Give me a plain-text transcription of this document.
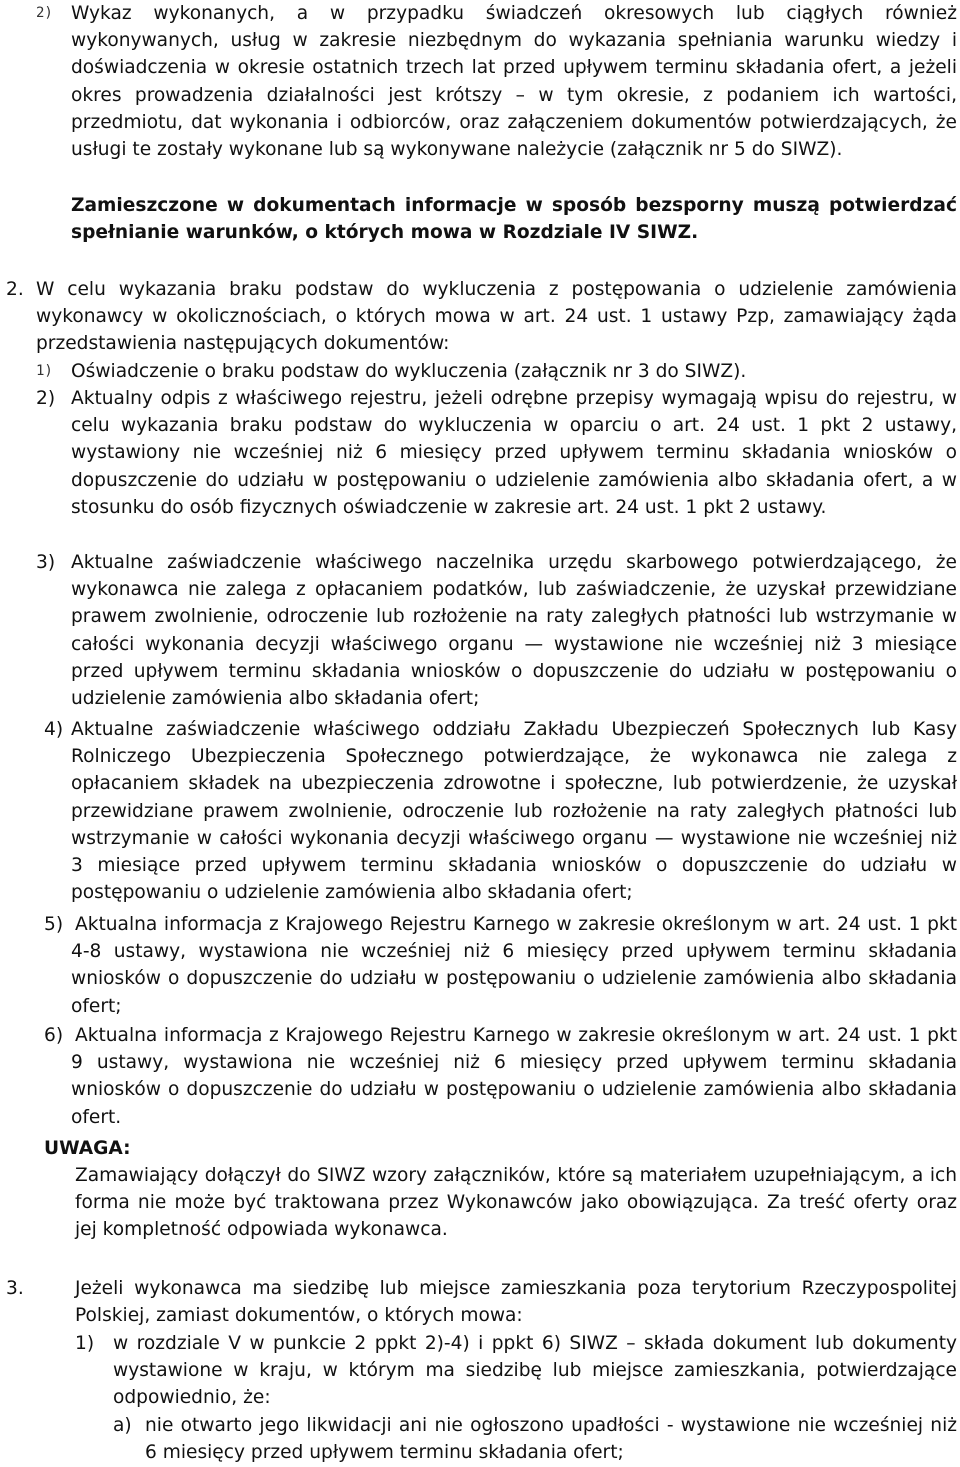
2) Wykaz wykonanych, a w przypadku świadczeń okresowych lub ciągłych również wykonywanych, usług w zakresie niezbędnym do wykazania spełniania warunku wiedzy i doświadczenia w okresie ostatnich trzech lat przed upływem terminu składania ofert, a jeżeli okres prowadzenia działalności jest krótszy – w tym okresie, z podaniem ich wartości, przedmiotu, dat wykonania i odbiorców, oraz załączeniem dokumentów potwierdzających, że usługi te zostały wykonane lub są wykonywane należycie (załącznik nr 5 do SIWZ).
Zamieszczone w dokumentach informacje w sposób bezsporny muszą potwierdzać spełnianie warunków, o których mowa w Rozdziale IV SIWZ.
2. W celu wykazania braku podstaw do wykluczenia z postępowania o udzielenie zamówienia wykonawcy w okolicznościach, o których mowa w art. 24 ust. 1 ustawy Pzp, zamawiający żąda przedstawienia następujących dokumentów:
1) Oświadczenie o braku podstaw do wykluczenia (załącznik nr 3 do SIWZ).
2) Aktualny odpis z właściwego rejestru, jeżeli odrębne przepisy wymagają wpisu do rejestru, w celu wykazania braku podstaw do wykluczenia w oparciu o art. 24 ust. 1 pkt 2 ustawy, wystawiony nie wcześniej niż 6 miesięcy przed upływem terminu składania wniosków o dopuszczenie do udziału w postępowaniu o udzielenie zamówienia albo składania ofert, a w stosunku do osób fizycznych oświadczenie w zakresie art. 24 ust. 1 pkt 2 ustawy.
3) Aktualne zaświadczenie właściwego naczelnika urzędu skarbowego potwierdzającego, że wykonawca nie zalega z opłacaniem podatków, lub zaświadczenie, że uzyskał przewidziane prawem zwolnienie, odroczenie lub rozłożenie na raty zaległych płatności lub wstrzymanie w całości wykonania decyzji właściwego organu — wystawione nie wcześniej niż 3 miesiące przed upływem terminu składania wniosków o dopuszczenie do udziału w postępowaniu o udzielenie zamówienia albo składania ofert;
4) Aktualne zaświadczenie właściwego oddziału Zakładu Ubezpieczeń Społecznych lub Kasy Rolniczego Ubezpieczenia Społecznego potwierdzające, że wykonawca nie zalega z opłacaniem składek na ubezpieczenia zdrowotne i społeczne, lub potwierdzenie, że uzyskał przewidziane prawem zwolnienie, odroczenie lub rozłożenie na raty zaległych płatności lub wstrzymanie w całości wykonania decyzji właściwego organu — wystawione nie wcześniej niż 3 miesiące przed upływem terminu składania wniosków o dopuszczenie do udziału w postępowaniu o udzielenie zamówienia albo składania ofert;
5) Aktualna informacja z Krajowego Rejestru Karnego w zakresie określonym w art. 24 ust. 1 pkt 4-8 ustawy, wystawiona nie wcześniej niż 6 miesięcy przed upływem terminu składania wniosków o dopuszczenie do udziału w postępowaniu o udzielenie zamówienia albo składania ofert;
6) Aktualna informacja z Krajowego Rejestru Karnego w zakresie określonym w art. 24 ust. 1 pkt 9 ustawy, wystawiona nie wcześniej niż 6 miesięcy przed upływem terminu składania wniosków o dopuszczenie do udziału w postępowaniu o udzielenie zamówienia albo składania ofert.
UWAGA:
Zamawiający dołączył do SIWZ wzory załączników, które są materiałem uzupełniającym, a ich forma nie może być traktowana przez Wykonawców jako obowiązująca. Za treść oferty oraz jej kompletność odpowiada wykonawca.
3.	Jeżeli wykonawca ma siedzibę lub miejsce zamieszkania poza terytorium Rzeczypospolitej Polskiej, zamiast dokumentów, o których mowa:
1) w rozdziale V w punkcie 2 ppkt 2)-4) i ppkt 6) SIWZ – składa dokument lub dokumenty wystawione w kraju, w którym ma siedzibę lub miejsce zamieszkania, potwierdzające odpowiednio, że:
a) nie otwarto jego likwidacji ani nie ogłoszono upadłości - wystawione nie wcześniej niż 6 miesięcy przed upływem terminu składania ofert;
